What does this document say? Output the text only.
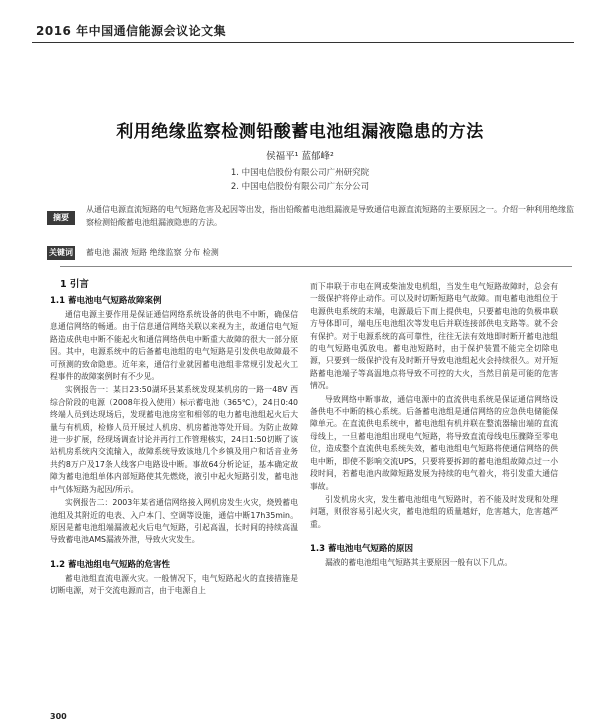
2016 年中国通信能源会议论文集
利用绝缘监察检测铅酸蓄电池组漏液隐患的方法
侯福平¹ 蓝郁峰²
1. 中国电信股份有限公司广州研究院
2. 中国电信股份有限公司广东分公司
摘要
从通信电源直流短路的电气短路危害及起因等出发，指出铅酸蓄电池组漏液是导致通信电源直流短路的主要原因之一。介绍一种利用绝缘监察检测铅酸蓄电池组漏液隐患的方法。
关键词 蓄电池 漏液 短路 绝缘监察 分布 检测
1 引言
1.1 蓄电池电气短路故障案例

通信电源主要作用是保证通信网络系统设备的供电不中断，确保信息通信网络的畅通。由于信息通信网络关联以来视为主，故通信电气短路造成供电中断不能起火和通信网络供电中断重大故障的很大一部分原因。其中，电源系统中的后备蓄电池组的电气短路是引发供电故障最不可预测的致命隐患。近年来，通信行业就因蓄电池组非常规引发起火工程事件的故障案例时有不少见。

实例报告一：某日23:50湖环县某系统发现某机房的一路一48V 西综合阶段的电源（2008年投入使用）标示蓄电池（365℃），24日0:40终端人员到达现场后，发现蓄电池房室和相邻的电力蓄电池组起火后大量与有机质，检修人员开展过人机房、机房蓄池等处开局。为防止故障进一步扩展，经现场调查讨论并再行工作管理核实，24日1:50切断了该站机房系统内交流输入，故障系统导致该地几个乡镇及用户和话音业务共约8万户及17条人线客户电路设中断。事故64分析论证，基本确定故障为蓄电池组单体内部短路使其先燃烧，液引中起火短路引发，蓄电池中气体短路为起因/所示。

实例报告二：2003年某省通信网络接入网机房发生火灾，烧毁蓄电池组及其附近的电表、入户本门、空调等设施，通信中断17h35min。原因是蓄电池组端漏液起火后电气短路，引起高温，长时间的持续高温导致蓄电池AMS漏液外泄，导致火灾发生。

1.2 蓄电池组电气短路的危害性

蓄电池组直流电源火灾。一般情况下，电气短路起火的直接措施是切断电源，对于交流电源而言，由于电源自上

而下串联于市电在网或柴油发电机组，当发生电气短路故障时，总会有一级保护将停止动作。可以及时切断短路电气故障。而电蓄电池组位于电源供电系统的末端，电源最后下而上提供电，只要蓄电池的负极串联方导体即可，端电压电池组次等发电后并联连接部供电支路等。就不会有保护。对于电源系统的高可靠性，往往无法有效地即时断开蓄电池组的电气短路电弧放电。蓄电池短路时，由于保护装置不能完全切除电源，只要到一级保护没有及时断开导致电池组起火会持续很久。对开短路蓄电池端子等高温地点将导致不可控的大火，当然目前是可能的危害情况。

导致网络中断事故，通信电源中的直流供电系统是保证通信网络设备供电不中断的核心系统。后备蓄电池组是通信网络的应急供电储能保障单元。在直流供电系统中，蓄电池组有机并联在整流器输出端的直流母线上，一旦蓄电池组出现电气短路，将导致直流母线电压骤降至零电位，造成整个直流供电系统失效，蓄电池组电气短路将使通信网络的供电中断，即使不影响交流UPS，只要将要拆卸的蓄电池组故障点过一小段时间，若蓄电池内故障短路发展为持续的电气着火，将引发重大通信事故。

引发机房火灾，发生蓄电池组电气短路时，若不能及时发现和处理问题，则很容易引起火灾，蓄电池组的质量越好，危害越大，危害越严重。

1.3 蓄电池电气短路的原因

漏液的蓄电池组电气短路其主要原因一般有以下几点。

300
